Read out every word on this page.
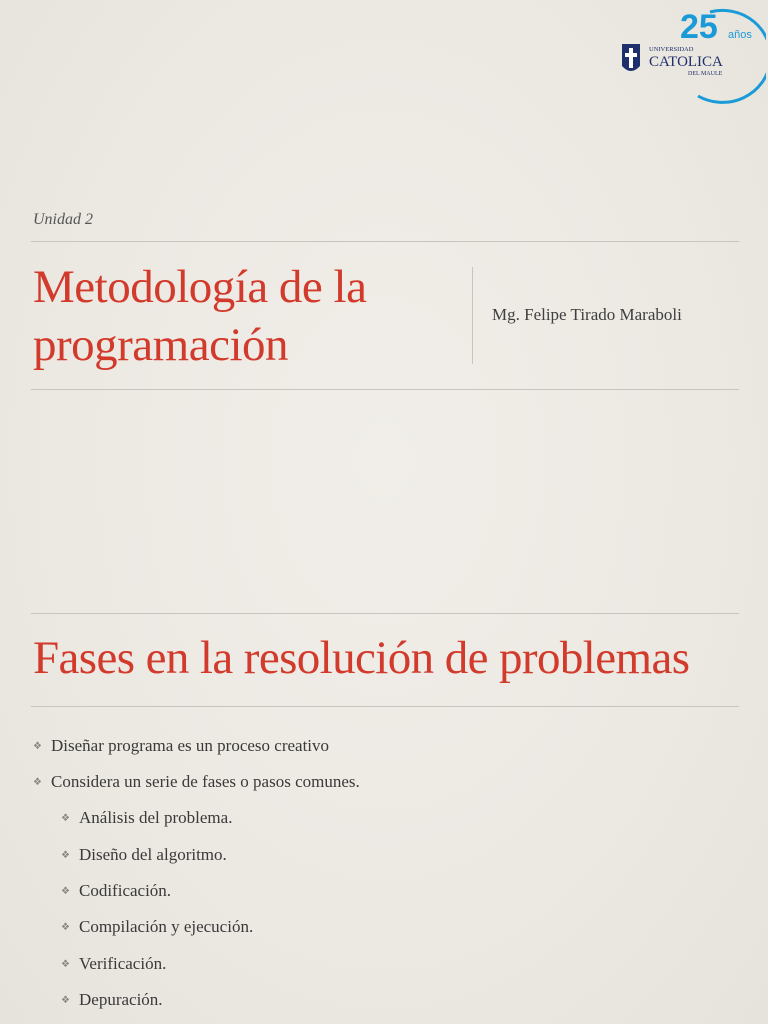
25 años
UNIVERSIDAD
CATOLICA
DEL MAULE
Unidad 2
Metodología de la programación
Mg. Felipe Tirado Maraboli
Fases en la resolución de problemas
❖ Diseñar programa es un proceso creativo
❖ Considera un serie de fases o pasos comunes.
❖ Análisis del problema.
❖ Diseño del algoritmo.
❖ Codificación.
❖ Compilación y ejecución.
❖ Verificación.
❖ Depuración.
